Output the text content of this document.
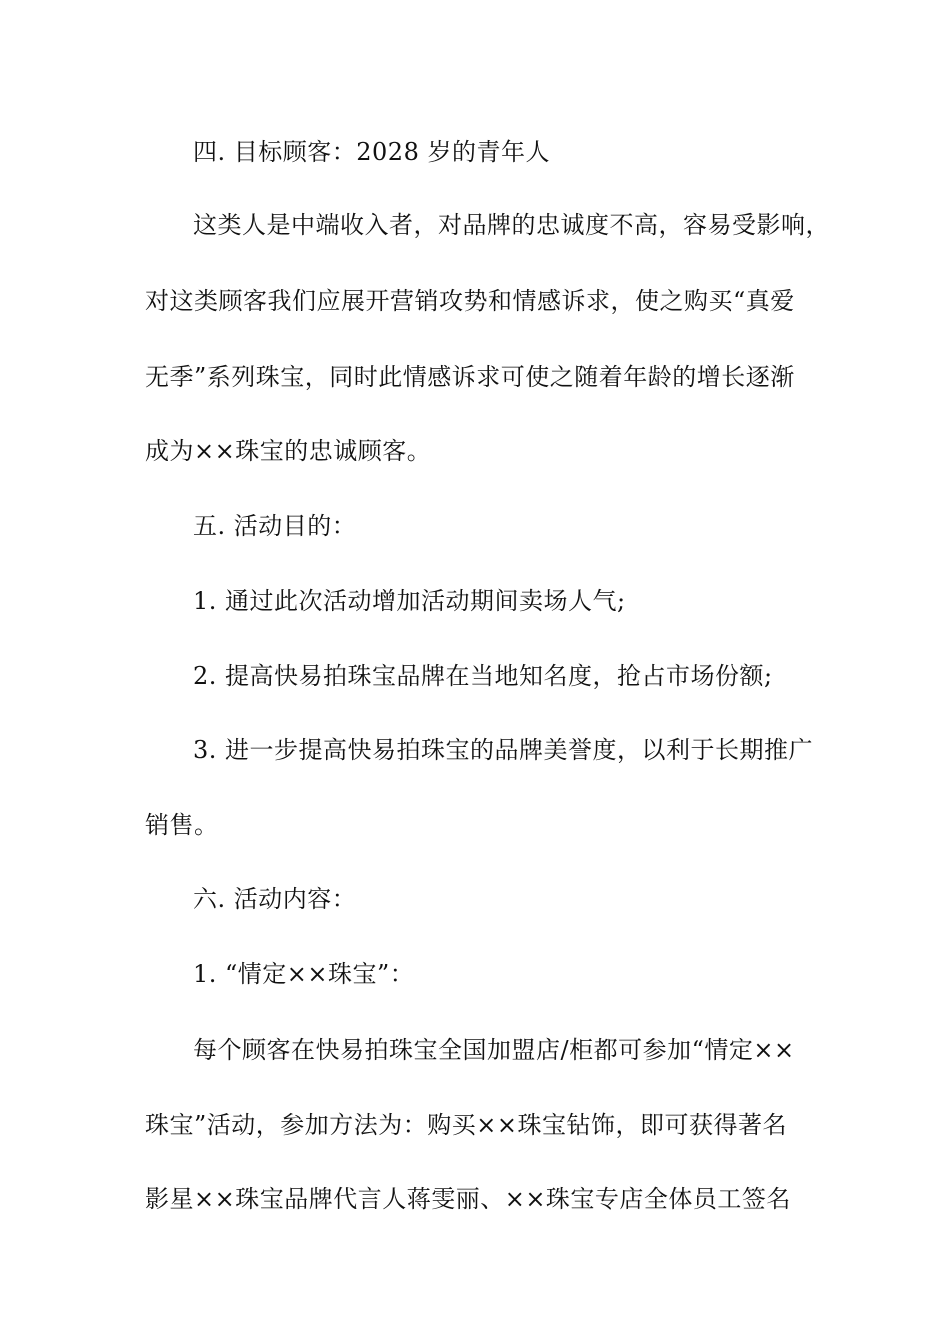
四. 目标顾客：2028 岁的青年人
这类人是中端收入者，对品牌的忠诚度不高，容易受影响，
对这类顾客我们应展开营销攻势和情感诉求，使之购买“真爱
无季”系列珠宝，同时此情感诉求可使之随着年龄的增长逐渐
成为××珠宝的忠诚顾客。
五. 活动目的：
1. 通过此次活动增加活动期间卖场人气;
2. 提高快易拍珠宝品牌在当地知名度，抢占市场份额;
3. 进一步提高快易拍珠宝的品牌美誉度，以利于长期推广
销售。
六. 活动内容：
1. “情定××珠宝”：
每个顾客在快易拍珠宝全国加盟店/柜都可参加“情定××
珠宝”活动，参加方法为：购买××珠宝钻饰，即可获得著名
影星××珠宝品牌代言人蒋雯丽、××珠宝专店全体员工签名
